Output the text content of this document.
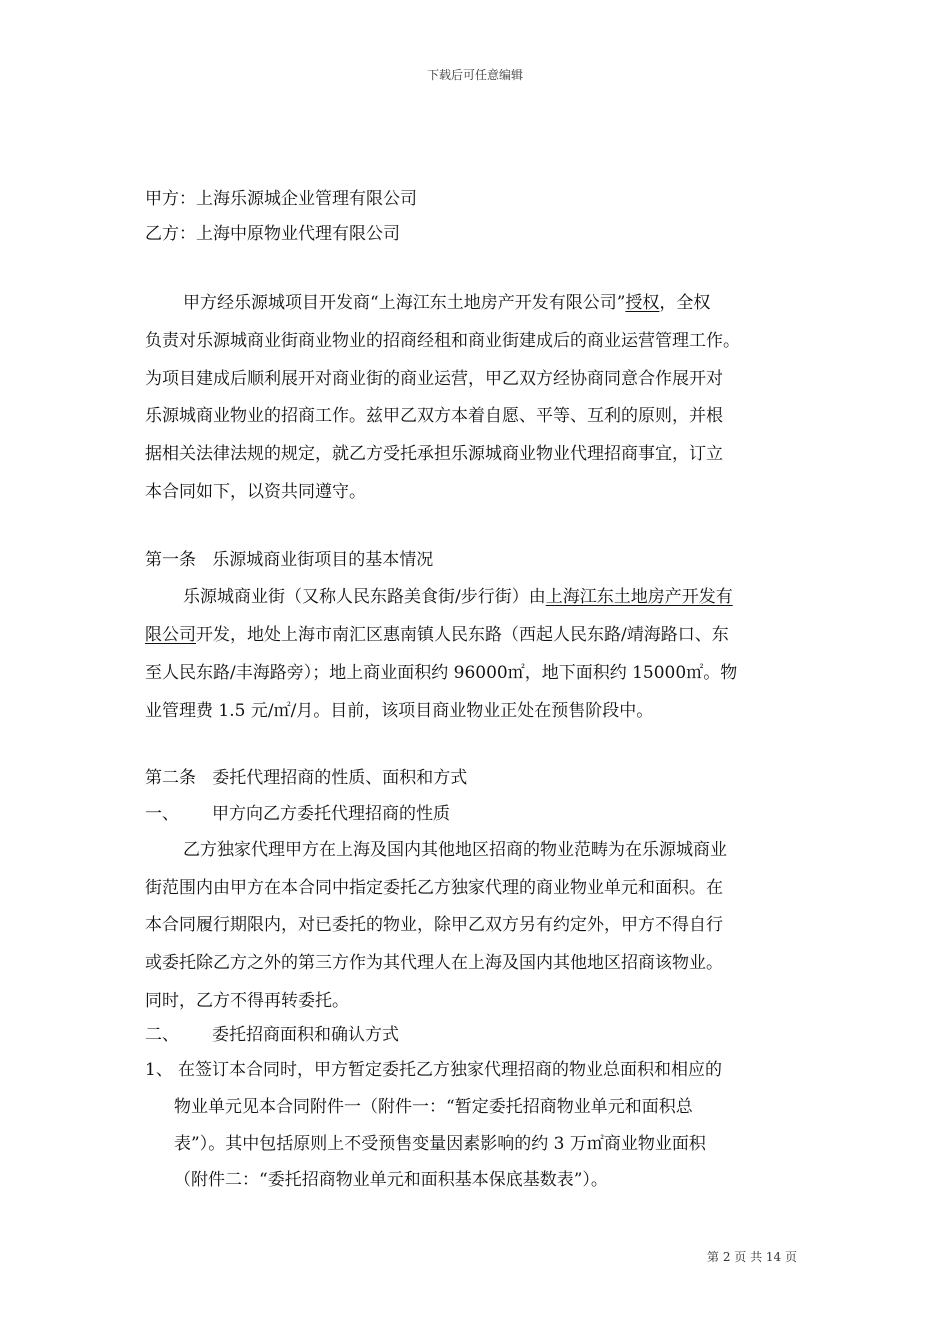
下载后可任意编辑
甲方：上海乐源城企业管理有限公司
乙方：上海中原物业代理有限公司
甲方经乐源城项目开发商“上海江东土地房产开发有限公司”授权，全权
负责对乐源城商业街商业物业的招商经租和商业街建成后的商业运营管理工作。
为项目建成后顺利展开对商业街的商业运营，甲乙双方经协商同意合作展开对
乐源城商业物业的招商工作。兹甲乙双方本着自愿、平等、互利的原则，并根
据相关法律法规的规定，就乙方受托承担乐源城商业物业代理招商事宜，订立
本合同如下，以资共同遵守。
第一条   乐源城商业街项目的基本情况
乐源城商业街（又称人民东路美食街/步行街）由上海江东土地房产开发有
限公司开发，地处上海市南汇区惠南镇人民东路（西起人民东路/靖海路口、东
至人民东路/丰海路旁）；地上商业面积约 96000㎡，地下面积约 15000㎡。物
业管理费 1.5 元/㎡/月。目前，该项目商业物业正处在预售阶段中。
第二条   委托代理招商的性质、面积和方式
一、 甲方向乙方委托代理招商的性质
乙方独家代理甲方在上海及国内其他地区招商的物业范畴为在乐源城商业
街范围内由甲方在本合同中指定委托乙方独家代理的商业物业单元和面积。在
本合同履行期限内，对已委托的物业，除甲乙双方另有约定外，甲方不得自行
或委托除乙方之外的第三方作为其代理人在上海及国内其他地区招商该物业。
同时，乙方不得再转委托。
二、 委托招商面积和确认方式
1、 在签订本合同时，甲方暂定委托乙方独家代理招商的物业总面积和相应的
物业单元见本合同附件一（附件一：“暂定委托招商物业单元和面积总
表”）。其中包括原则上不受预售变量因素影响的约 3 万㎡商业物业面积
（附件二：“委托招商物业单元和面积基本保底基数表”）。
第 2 页 共 14 页
